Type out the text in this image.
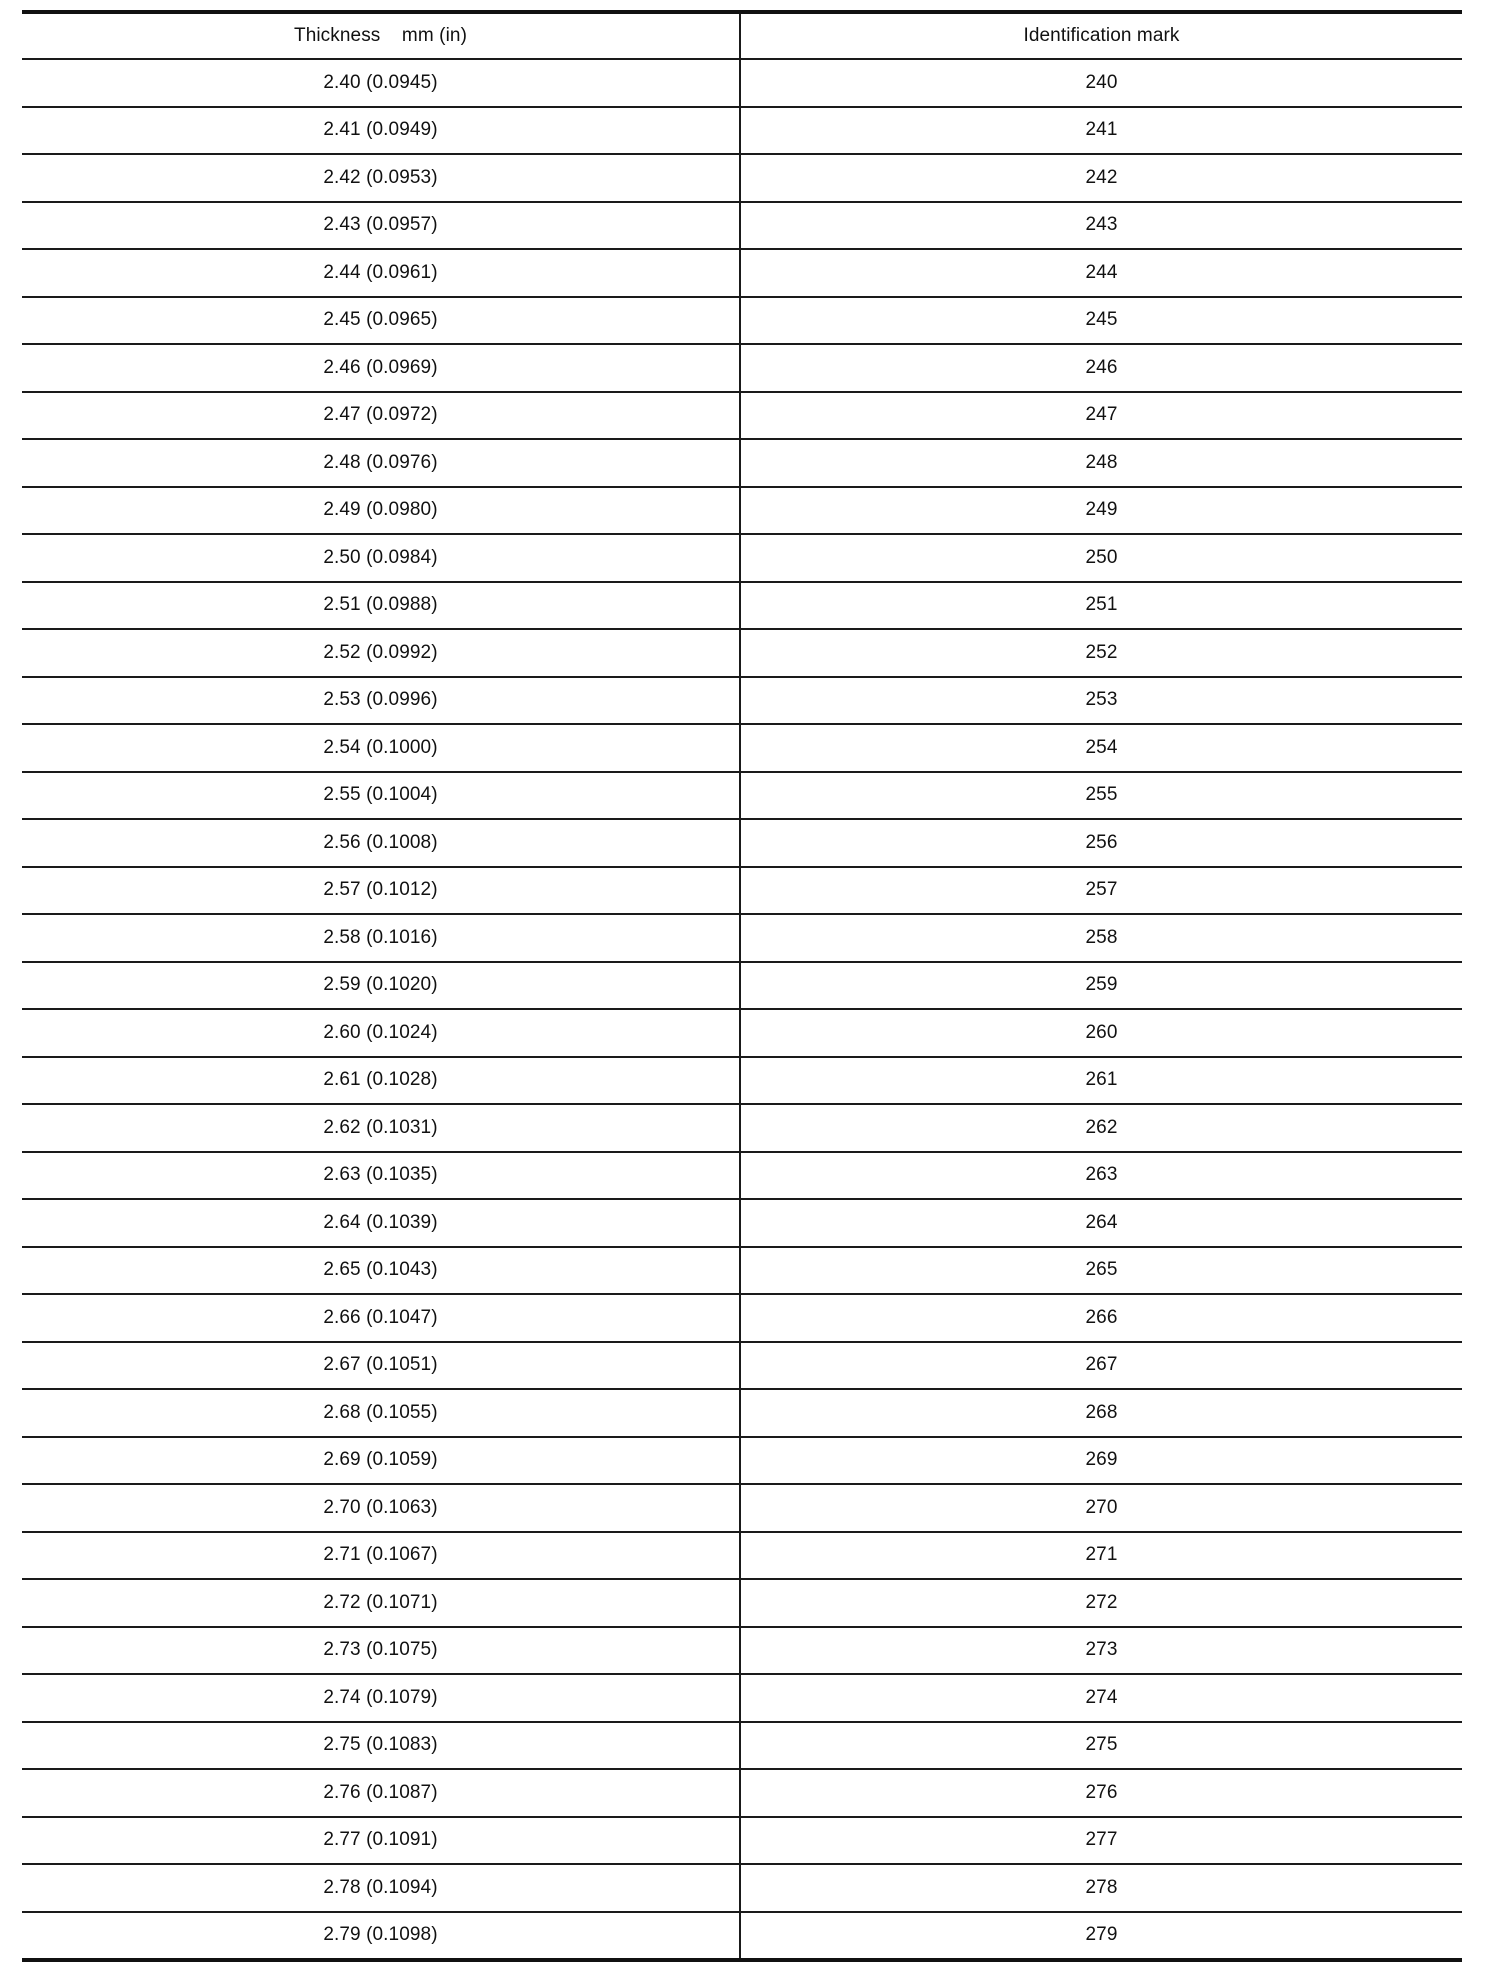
Thickness    mm (in)	Identification mark
2.40 (0.0945)	240
2.41 (0.0949)	241
2.42 (0.0953)	242
2.43 (0.0957)	243
2.44 (0.0961)	244
2.45 (0.0965)	245
2.46 (0.0969)	246
2.47 (0.0972)	247
2.48 (0.0976)	248
2.49 (0.0980)	249
2.50 (0.0984)	250
2.51 (0.0988)	251
2.52 (0.0992)	252
2.53 (0.0996)	253
2.54 (0.1000)	254
2.55 (0.1004)	255
2.56 (0.1008)	256
2.57 (0.1012)	257
2.58 (0.1016)	258
2.59 (0.1020)	259
2.60 (0.1024)	260
2.61 (0.1028)	261
2.62 (0.1031)	262
2.63 (0.1035)	263
2.64 (0.1039)	264
2.65 (0.1043)	265
2.66 (0.1047)	266
2.67 (0.1051)	267
2.68 (0.1055)	268
2.69 (0.1059)	269
2.70 (0.1063)	270
2.71 (0.1067)	271
2.72 (0.1071)	272
2.73 (0.1075)	273
2.74 (0.1079)	274
2.75 (0.1083)	275
2.76 (0.1087)	276
2.77 (0.1091)	277
2.78 (0.1094)	278
2.79 (0.1098)	279
